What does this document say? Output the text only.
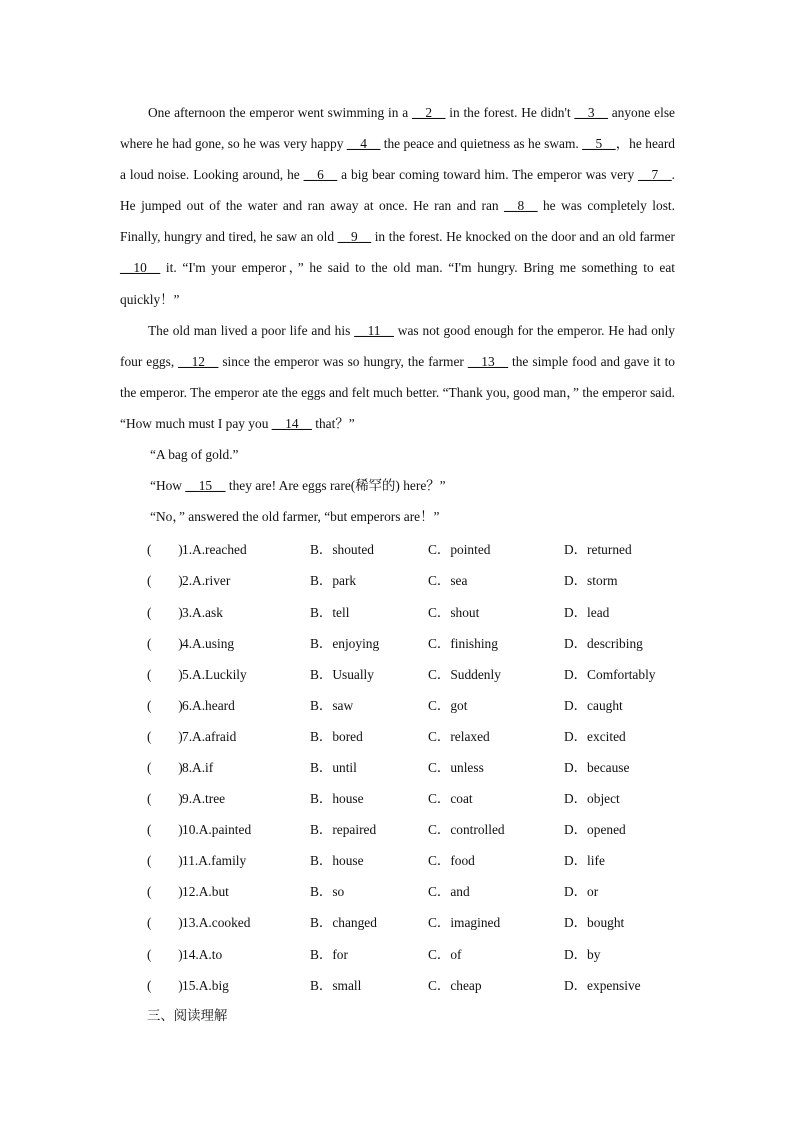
One afternoon the emperor went swimming in a __2__ in the forest. He didn't __3__ anyone else where he had gone, so he was very happy __4__ the peace and quietness as he swam. __5__，he heard a loud noise. Looking around, he __6__ a big bear coming toward him. The emperor was very __7__. He jumped out of the water and ran away at once. He ran and ran __8__ he was completely lost. Finally, hungry and tired, he saw an old __9__ in the forest. He knocked on the door and an old farmer __10__ it. “I'm your emperor，” he said to the old man. “I'm hungry. Bring me something to eat quickly！”

The old man lived a poor life and his __11__ was not good enough for the emperor. He had only four eggs, __12__ since the emperor was so hungry, the farmer __13__ the simple food and gave it to the emperor. The emperor ate the eggs and felt much better. “Thank you, good man，” the emperor said. “How much must I pay you __14__ that？”

“A bag of gold.”

“How __15__ they are! Are eggs rare(稀罕的) here？”

“No，” answered the old farmer, “but emperors are！”

(        ) 1.A.reached	B．shouted	C．pointed	D．returned
(        ) 2.A.river	B．park	C．sea	D．storm
(        ) 3.A.ask	B．tell	C．shout	D．lead
(        ) 4.A.using	B．enjoying	C．finishing	D．describing
(        ) 5.A.Luckily	B．Usually	C．Suddenly	D．Comfortably
(        ) 6.A.heard	B．saw	C．got	D．caught
(        ) 7.A.afraid	B．bored	C．relaxed	D．excited
(        ) 8.A.if	B．until	C．unless	D．because
(        ) 9.A.tree	B．house	C．coat	D．object
(        ) 10.A.painted	B．repaired	C．controlled	D．opened
(        ) 11.A.family	B．house	C．food	D．life
(        ) 12.A.but	B．so	C．and	D．or
(        ) 13.A.cooked	B．changed	C．imagined	D．bought
(        ) 14.A.to	B．for	C．of	D．by
(        ) 15.A.big	B．small	C．cheap	D．expensive
三、阅读理解
